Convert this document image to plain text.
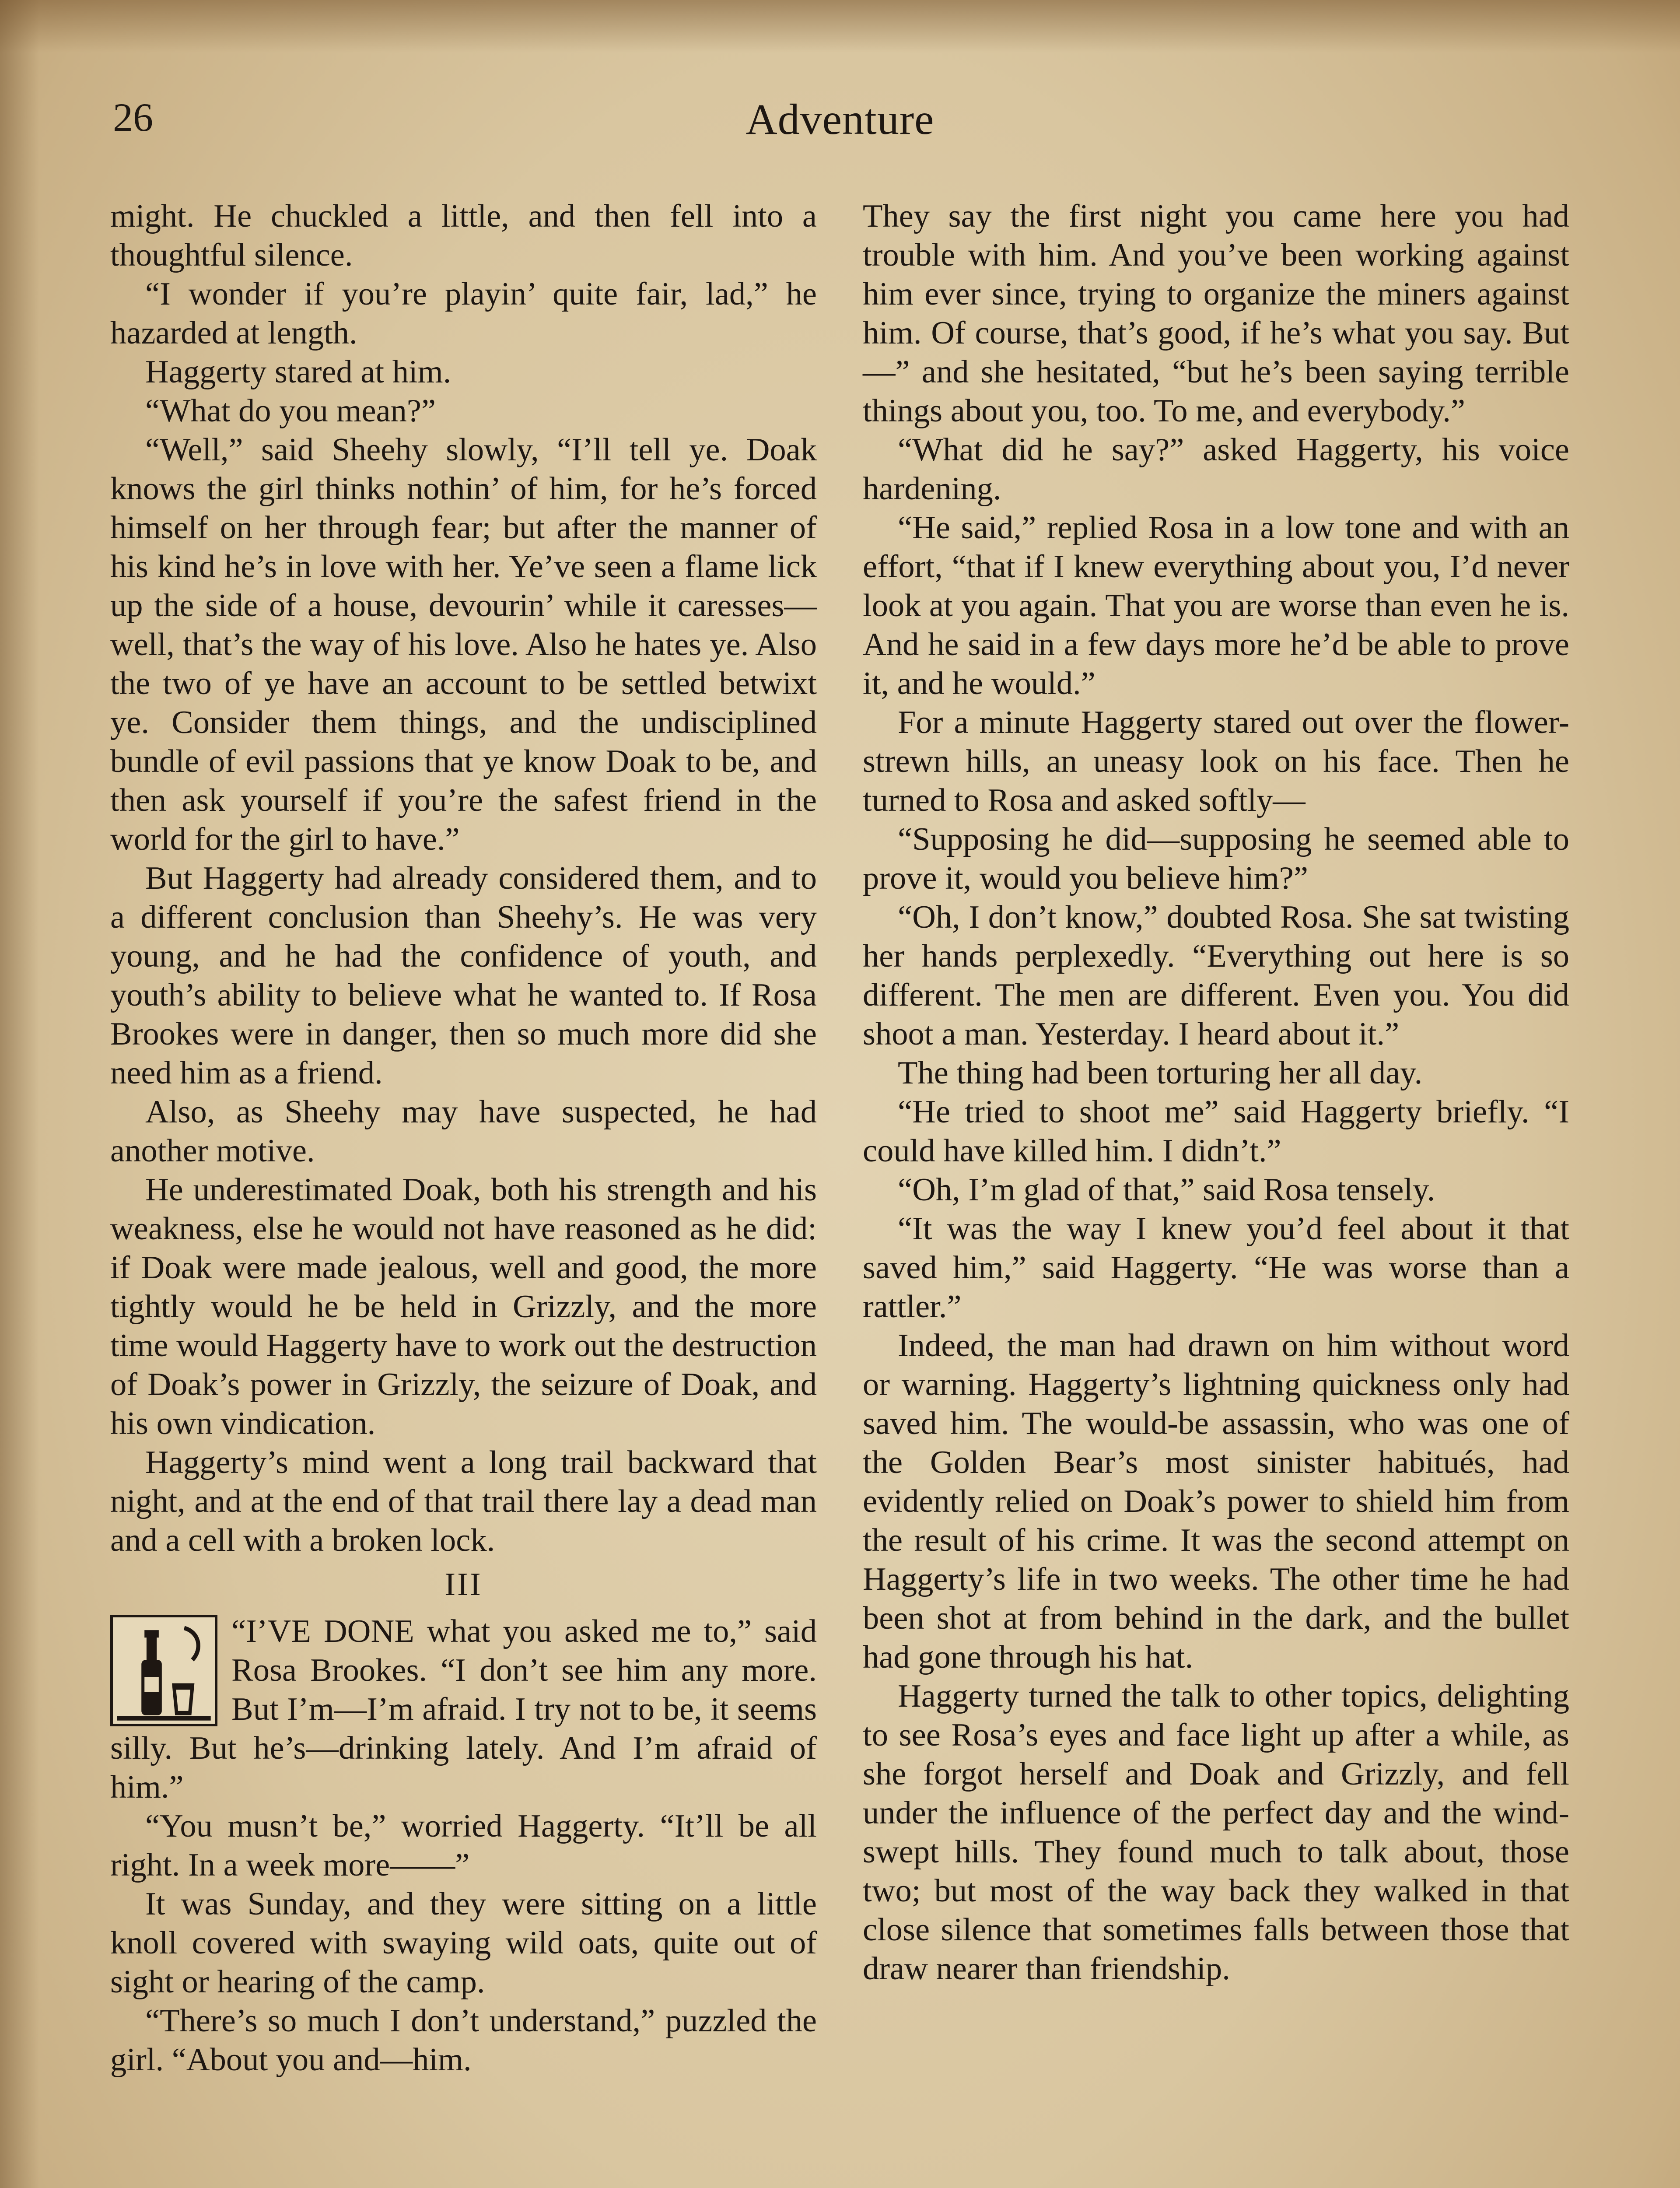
26	Adventure

might. He chuckled a little, and then fell into a thoughtful silence.

“I wonder if you’re playin’ quite fair, lad,” he hazarded at length.

Haggerty stared at him.

“What do you mean?”

“Well,” said Sheehy slowly, “I’ll tell ye. Doak knows the girl thinks nothin’ of him, for he’s forced himself on her through fear; but after the manner of his kind he’s in love with her. Ye’ve seen a flame lick up the side of a house, devourin’ while it caresses—well, that’s the way of his love. Also he hates ye. Also the two of ye have an account to be settled betwixt ye. Consider them things, and the undisciplined bundle of evil passions that ye know Doak to be, and then ask yourself if you’re the safest friend in the world for the girl to have.”

But Haggerty had already considered them, and to a different conclusion than Sheehy’s. He was very young, and he had the confidence of youth, and youth’s ability to believe what he wanted to. If Rosa Brookes were in danger, then so much more did she need him as a friend.

Also, as Sheehy may have suspected, he had another motive.

He underestimated Doak, both his strength and his weakness, else he would not have reasoned as he did: if Doak were made jealous, well and good, the more tightly would he be held in Grizzly, and the more time would Haggerty have to work out the destruction of Doak’s power in Grizzly, the seizure of Doak, and his own vindication.

Haggerty’s mind went a long trail backward that night, and at the end of that trail there lay a dead man and a cell with a broken lock.

III

“I’VE DONE what you asked me to,” said Rosa Brookes. “I don’t see him any more. But I’m—I’m afraid. I try not to be, it seems silly. But he’s—drinking lately. And I’m afraid of him.”

“You musn’t be,” worried Haggerty. “It’ll be all right. In a week more——”

It was Sunday, and they were sitting on a little knoll covered with swaying wild oats, quite out of sight or hearing of the camp.

“There’s so much I don’t understand,” puzzled the girl. “About you and—him.

They say the first night you came here you had trouble with him. And you’ve been working against him ever since, trying to organize the miners against him. Of course, that’s good, if he’s what you say. But—” and she hesitated, “but he’s been saying terrible things about you, too. To me, and everybody.”

“What did he say?” asked Haggerty, his voice hardening.

“He said,” replied Rosa in a low tone and with an effort, “that if I knew everything about you, I’d never look at you again. That you are worse than even he is. And he said in a few days more he’d be able to prove it, and he would.”

For a minute Haggerty stared out over the flower-strewn hills, an uneasy look on his face. Then he turned to Rosa and asked softly—

“Supposing he did—supposing he seemed able to prove it, would you believe him?”

“Oh, I don’t know,” doubted Rosa. She sat twisting her hands perplexedly. “Everything out here is so different. The men are different. Even you. You did shoot a man. Yesterday. I heard about it.”

The thing had been torturing her all day.

“He tried to shoot me” said Haggerty briefly. “I could have killed him. I didn’t.”

“Oh, I’m glad of that,” said Rosa tensely.

“It was the way I knew you’d feel about it that saved him,” said Haggerty. “He was worse than a rattler.”

Indeed, the man had drawn on him without word or warning. Haggerty’s lightning quickness only had saved him. The would-be assassin, who was one of the Golden Bear’s most sinister habitués, had evidently relied on Doak’s power to shield him from the result of his crime. It was the second attempt on Haggerty’s life in two weeks. The other time he had been shot at from behind in the dark, and the bullet had gone through his hat.

Haggerty turned the talk to other topics, delighting to see Rosa’s eyes and face light up after a while, as she forgot herself and Doak and Grizzly, and fell under the influence of the perfect day and the windswept hills. They found much to talk about, those two; but most of the way back they walked in that close silence that sometimes falls between those that draw nearer than friendship.
